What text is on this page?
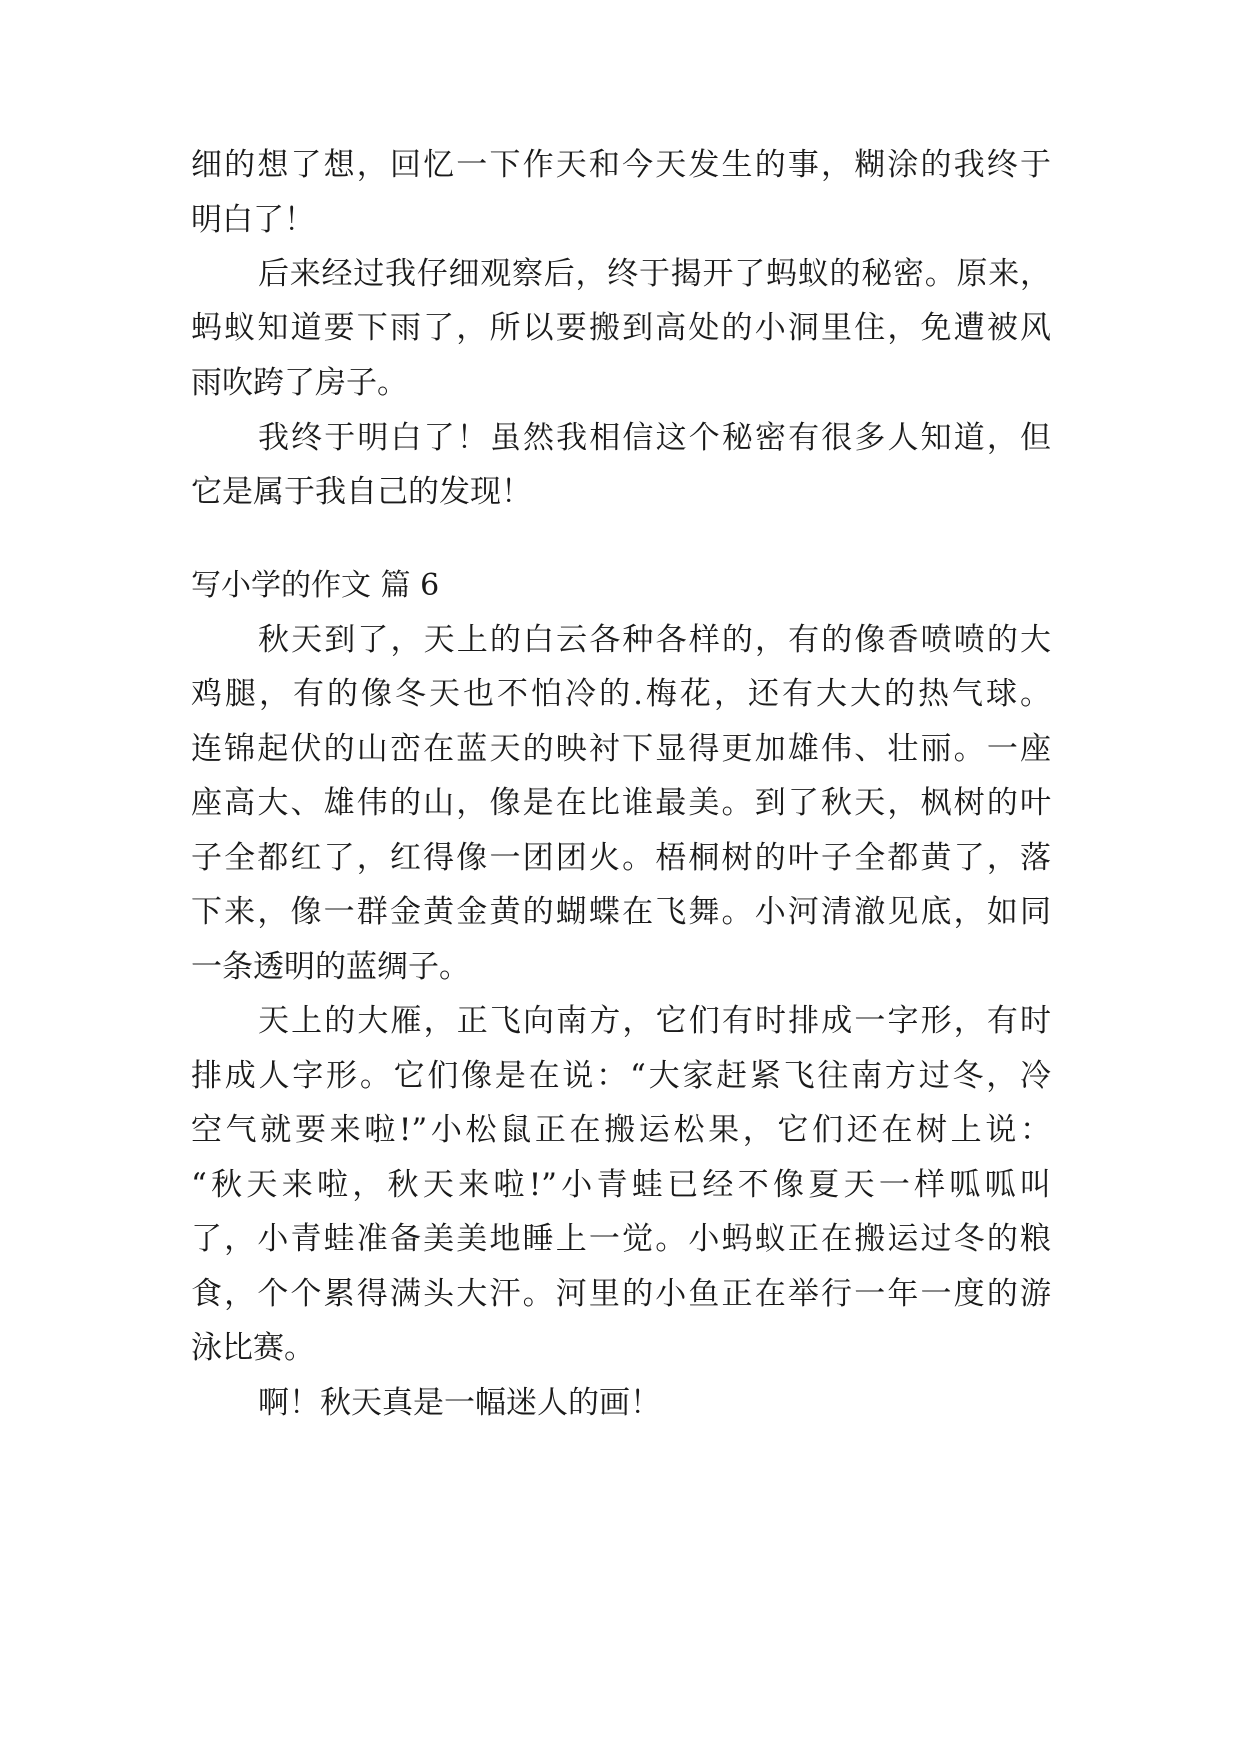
细的想了想，回忆一下作天和今天发生的事，糊涂的我终于
明白了！
后来经过我仔细观察后，终于揭开了蚂蚁的秘密。原来，
蚂蚁知道要下雨了，所以要搬到高处的小洞里住，免遭被风
雨吹跨了房子。
我终于明白了！虽然我相信这个秘密有很多人知道，但
它是属于我自己的发现！
写小学的作文 篇 6
秋天到了，天上的白云各种各样的，有的像香喷喷的大
鸡腿，有的像冬天也不怕冷的.梅花，还有大大的热气球。
连锦起伏的山峦在蓝天的映衬下显得更加雄伟、壮丽。一座
座高大、雄伟的山，像是在比谁最美。到了秋天，枫树的叶
子全都红了，红得像一团团火。梧桐树的叶子全都黄了，落
下来，像一群金黄金黄的蝴蝶在飞舞。小河清澈见底，如同
一条透明的蓝绸子。
天上的大雁，正飞向南方，它们有时排成一字形，有时
排成人字形。它们像是在说：“大家赶紧飞往南方过冬，冷
空气就要来啦!”小松鼠正在搬运松果，它们还在树上说：
“秋天来啦，秋天来啦!”小青蛙已经不像夏天一样呱呱叫
了，小青蛙准备美美地睡上一觉。小蚂蚁正在搬运过冬的粮
食，个个累得满头大汗。河里的小鱼正在举行一年一度的游
泳比赛。
啊！秋天真是一幅迷人的画！
